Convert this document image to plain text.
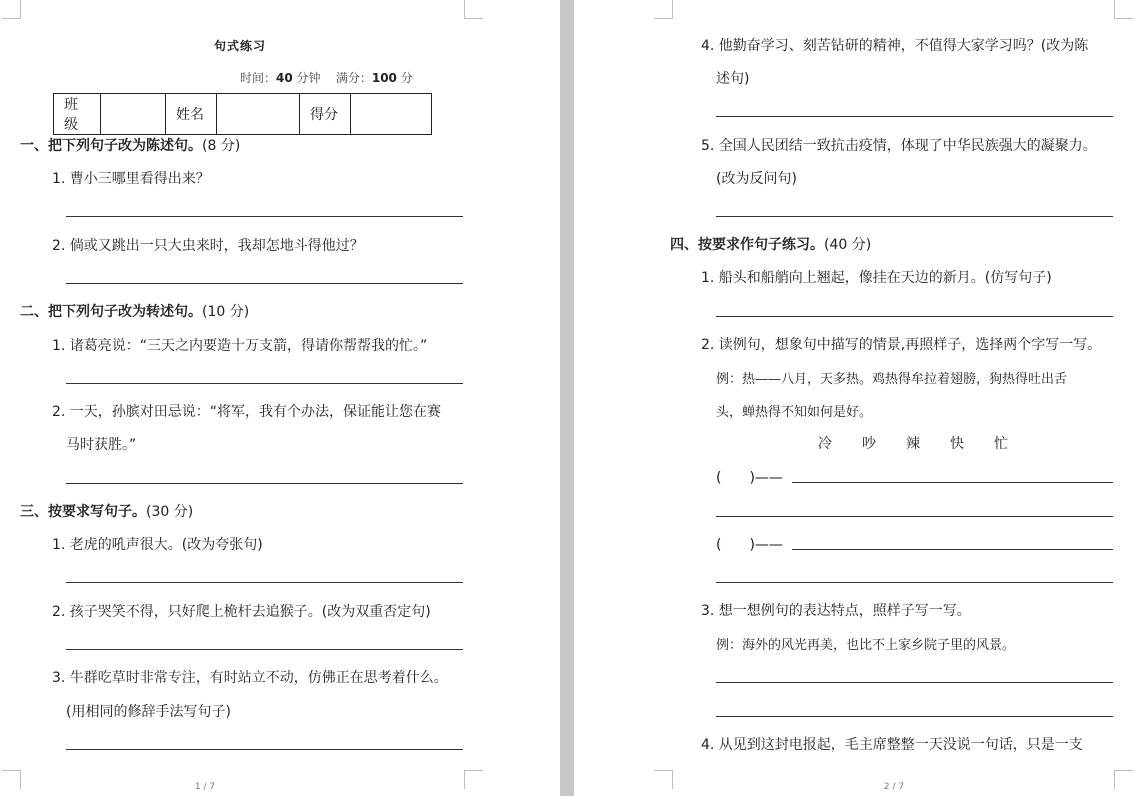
句式练习
时间：40 分钟 满分：100 分
班级		姓名		得分	
一、把下列句子改为陈述句。(8 分)
1. 曹小三哪里看得出来？
2. 倘或又跳出一只大虫来时，我却怎地斗得他过？
二、把下列句子改为转述句。(10 分)
1. 诸葛亮说：“三天之内要造十万支箭，得请你帮帮我的忙。”
2. 一天，孙膑对田忌说：“将军，我有个办法，保证能让您在赛
马时获胜。”
三、按要求写句子。(30 分)
1. 老虎的吼声很大。(改为夸张句)
2. 孩子哭笑不得，只好爬上桅杆去追猴子。(改为双重否定句)
3. 牛群吃草时非常专注，有时站立不动，仿佛正在思考着什么。
(用相同的修辞手法写句子)
1 / 7
4. 他勤奋学习、刻苦钻研的精神，不值得大家学习吗？(改为陈
述句)
5. 全国人民团结一致抗击疫情，体现了中华民族强大的凝聚力。
(改为反问句)
四、按要求作句子练习。(40 分)
1. 船头和船艄向上翘起，像挂在天边的新月。(仿写句子)
2. 读例句，想象句中描写的情景,再照样子，选择两个字写一写。
例：热——八月，天多热。鸡热得牟拉着翅膀，狗热得吐出舌
头，蝉热得不知如何是好。
冷 吵 辣 快 忙
(　　)——
(　　)——
3. 想一想例句的表达特点，照样子写一写。
例：海外的风光再美，也比不上家乡院子里的风景。
4. 从见到这封电报起，毛主席整整一天没说一句话，只是一支
2 / 7
